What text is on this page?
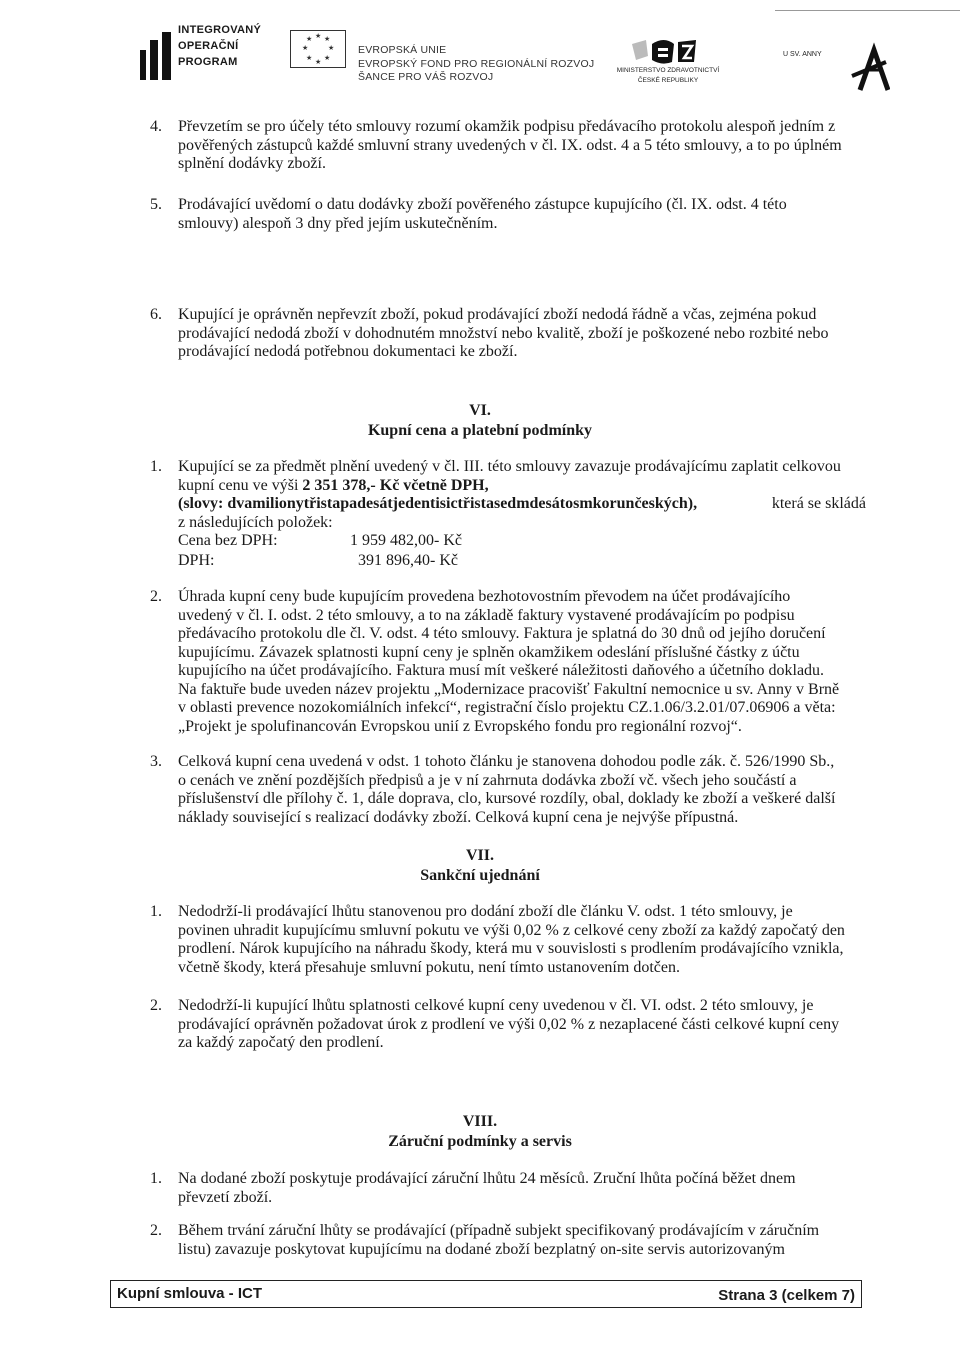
INTEGROVANÝ
OPERAČNÍ
PROGRAM
★ ★
★
★
★
★
★
★
EVROPSKÁ UNIE
EVROPSKÝ FOND PRO REGIONÁLNÍ ROZVOJ
ŠANCE PRO VÁŠ ROZVOJ
MINISTERSTVO ZDRAVOTNICTVÍ
ČESKÉ REPUBLIKY
U SV. ANNY
4. Převzetím se pro účely této smlouvy rozumí okamžik podpisu předávacího protokolu alespoň jedním z
pověřených zástupců každé smluvní strany uvedených v čl. IX. odst. 4 a 5 této smlouvy, a to po úplném
splnění dodávky zboží.
5. Prodávající uvědomí o datu dodávky zboží pověřeného zástupce kupujícího (čl. IX. odst. 4 této
smlouvy) alespoň 3 dny před jejím uskutečněním.
6. Kupující je oprávněn nepřevzít zboží, pokud prodávající zboží nedodá řádně a včas, zejména pokud
prodávající nedodá zboží v dohodnutém množství nebo kvalitě, zboží je poškozené nebo rozbité nebo
prodávající nedodá potřebnou dokumentaci ke zboží.
VI.
Kupní cena a platební podmínky
1. Kupující se za předmět plnění uvedený v čl. III. této smlouvy zavazuje prodávajícímu zaplatit celkovou
kupní cenu ve výši 2 351 378,- Kč včetně DPH,
(slovy: dvamilionytřistapadesátjedentisictřistasedmdesátosmkorunčeských),	která se skládá
z následujících položek:
Cena bez DPH:	1 959 482,00- Kč
DPH:	391 896,40- Kč
2. Úhrada kupní ceny bude kupujícím provedena bezhotovostním převodem na účet prodávajícího
uvedený v čl. I. odst. 2 této smlouvy, a to na základě faktury vystavené prodávajícím po podpisu
předávacího protokolu dle čl. V. odst. 4 této smlouvy. Faktura je splatná do 30 dnů od jejího doručení
kupujícímu. Závazek splatnosti kupní ceny je splněn okamžikem odeslání příslušné částky z účtu
kupujícího na účet prodávajícího. Faktura musí mít veškeré náležitosti daňového a účetního dokladu.
Na faktuře bude uveden název projektu „Modernizace pracovišť Fakultní nemocnice u sv. Anny v Brně
v oblasti prevence nozokomiálních infekcí“, registrační číslo projektu CZ.1.06/3.2.01/07.06906 a věta:
„Projekt je spolufinancován Evropskou unií z Evropského fondu pro regionální rozvoj“.
3. Celková kupní cena uvedená v odst. 1 tohoto článku je stanovena dohodou podle zák. č. 526/1990 Sb.,
o cenách ve znění pozdějších předpisů a je v ní zahrnuta dodávka zboží vč. všech jeho součástí a
příslušenství dle přílohy č. 1, dále doprava, clo, kursové rozdíly, obal, doklady ke zboží a veškeré další
náklady související s realizací dodávky zboží. Celková kupní cena je nejvýše přípustná.
VII.
Sankční ujednání
1. Nedodrží-li prodávající lhůtu stanovenou pro dodání zboží dle článku V. odst. 1 této smlouvy, je
povinen uhradit kupujícímu smluvní pokutu ve výši 0,02 % z celkové ceny zboží za každý započatý den
prodlení. Nárok kupujícího na náhradu škody, která mu v souvislosti s prodlením prodávajícího vznikla,
včetně škody, která přesahuje smluvní pokutu, není tímto ustanovením dotčen.
2. Nedodrží-li kupující lhůtu splatnosti celkové kupní ceny uvedenou v čl. VI. odst. 2 této smlouvy, je
prodávající oprávněn požadovat úrok z prodlení ve výši 0,02 % z nezaplacené části celkové kupní ceny
za každý započatý den prodlení.
VIII.
Záruční podmínky a servis
1. Na dodané zboží poskytuje prodávající záruční lhůtu 24 měsíců. Zruční lhůta počíná běžet dnem
převzetí zboží.
2. Během trvání záruční lhůty se prodávající (případně subjekt specifikovaný prodávajícím v záručním
listu) zavazuje poskytovat kupujícímu na dodané zboží bezplatný on-site servis autorizovaným
Kupní smlouva - ICT	Strana 3 (celkem 7)
